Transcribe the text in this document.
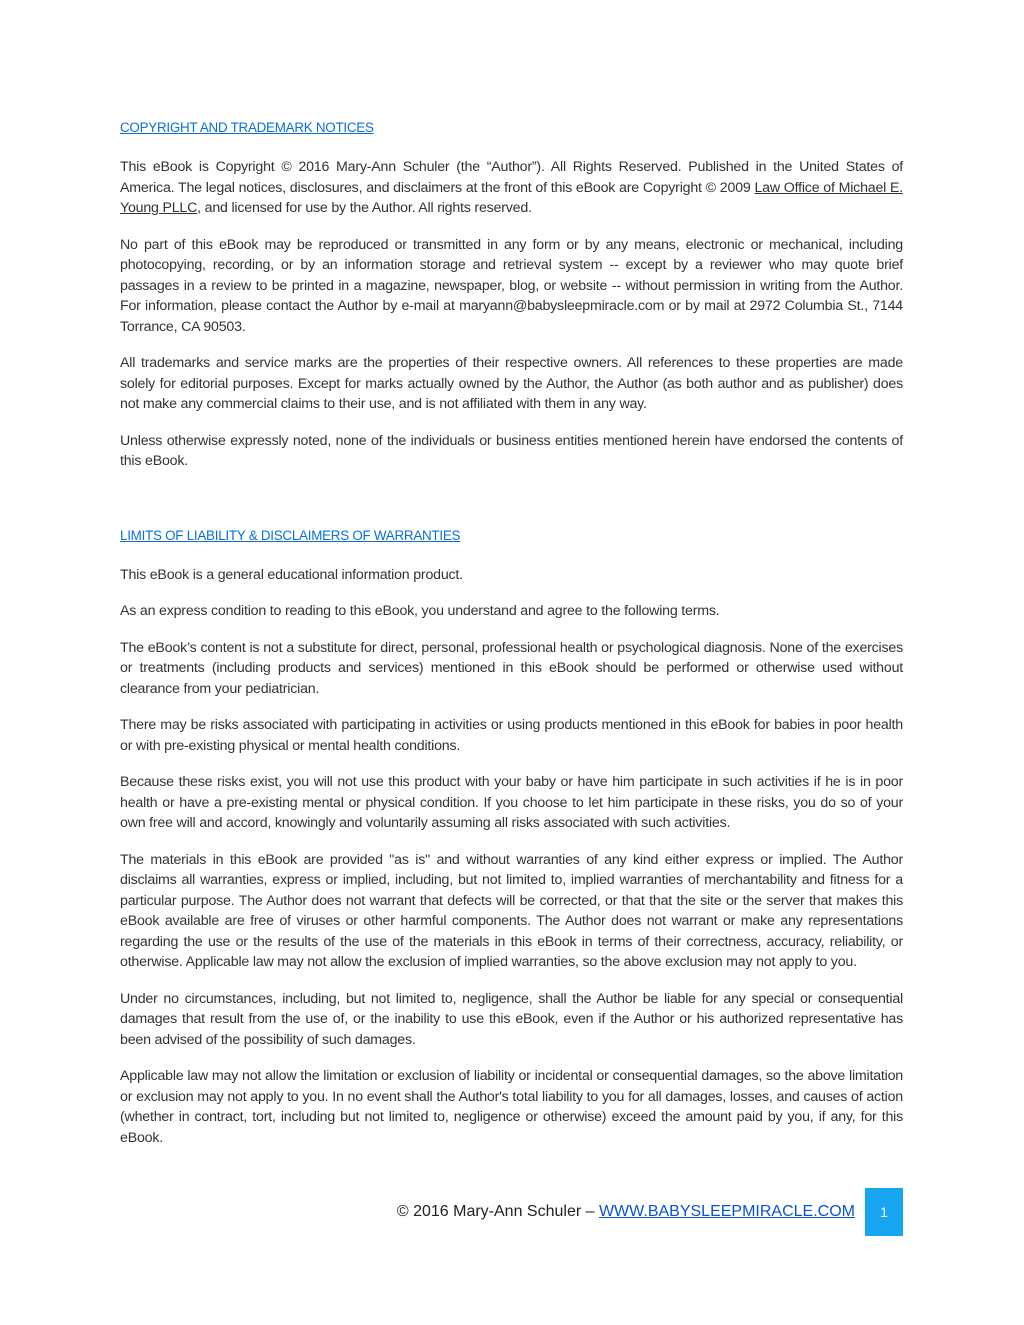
COPYRIGHT AND TRADEMARK NOTICES

This eBook is Copyright © 2016 Mary-Ann Schuler (the “Author”). All Rights Reserved. Published in the United States of America. The legal notices, disclosures, and disclaimers at the front of this eBook are Copyright © 2009 Law Office of Michael E. Young PLLC, and licensed for use by the Author. All rights reserved.

No part of this eBook may be reproduced or transmitted in any form or by any means, electronic or mechanical, including photocopying, recording, or by an information storage and retrieval system -- except by a reviewer who may quote brief passages in a review to be printed in a magazine, newspaper, blog, or website -- without permission in writing from the Author. For information, please contact the Author by e-mail at maryann@babysleepmiracle.com or by mail at 2972 Columbia St., 7144 Torrance, CA 90503.

All trademarks and service marks are the properties of their respective owners. All references to these properties are made solely for editorial purposes. Except for marks actually owned by the Author, the Author (as both author and as publisher) does not make any commercial claims to their use, and is not affiliated with them in any way.

Unless otherwise expressly noted, none of the individuals or business entities mentioned herein have endorsed the contents of this eBook.

LIMITS OF LIABILITY & DISCLAIMERS OF WARRANTIES

This eBook is a general educational information product.

As an express condition to reading to this eBook, you understand and agree to the following terms.

The eBook’s content is not a substitute for direct, personal, professional health or psychological diagnosis. None of the exercises or treatments (including products and services) mentioned in this eBook should be performed or otherwise used without clearance from your pediatrician.

There may be risks associated with participating in activities or using products mentioned in this eBook for babies in poor health or with pre-existing physical or mental health conditions.

Because these risks exist, you will not use this product with your baby or have him participate in such activities if he is in poor health or have a pre-existing mental or physical condition. If you choose to let him participate in these risks, you do so of your own free will and accord, knowingly and voluntarily assuming all risks associated with such activities.

The materials in this eBook are provided "as is" and without warranties of any kind either express or implied. The Author disclaims all warranties, express or implied, including, but not limited to, implied warranties of merchantability and fitness for a particular purpose. The Author does not warrant that defects will be corrected, or that that the site or the server that makes this eBook available are free of viruses or other harmful components. The Author does not warrant or make any representations regarding the use or the results of the use of the materials in this eBook in terms of their correctness, accuracy, reliability, or otherwise. Applicable law may not allow the exclusion of implied warranties, so the above exclusion may not apply to you.

Under no circumstances, including, but not limited to, negligence, shall the Author be liable for any special or consequential damages that result from the use of, or the inability to use this eBook, even if the Author or his authorized representative has been advised of the possibility of such damages.

Applicable law may not allow the limitation or exclusion of liability or incidental or consequential damages, so the above limitation or exclusion may not apply to you. In no event shall the Author's total liability to you for all damages, losses, and causes of action (whether in contract, tort, including but not limited to, negligence or otherwise) exceed the amount paid by you, if any, for this eBook.

© 2016 Mary-Ann Schuler – WWW.BABYSLEEPMIRACLE.COM	1
